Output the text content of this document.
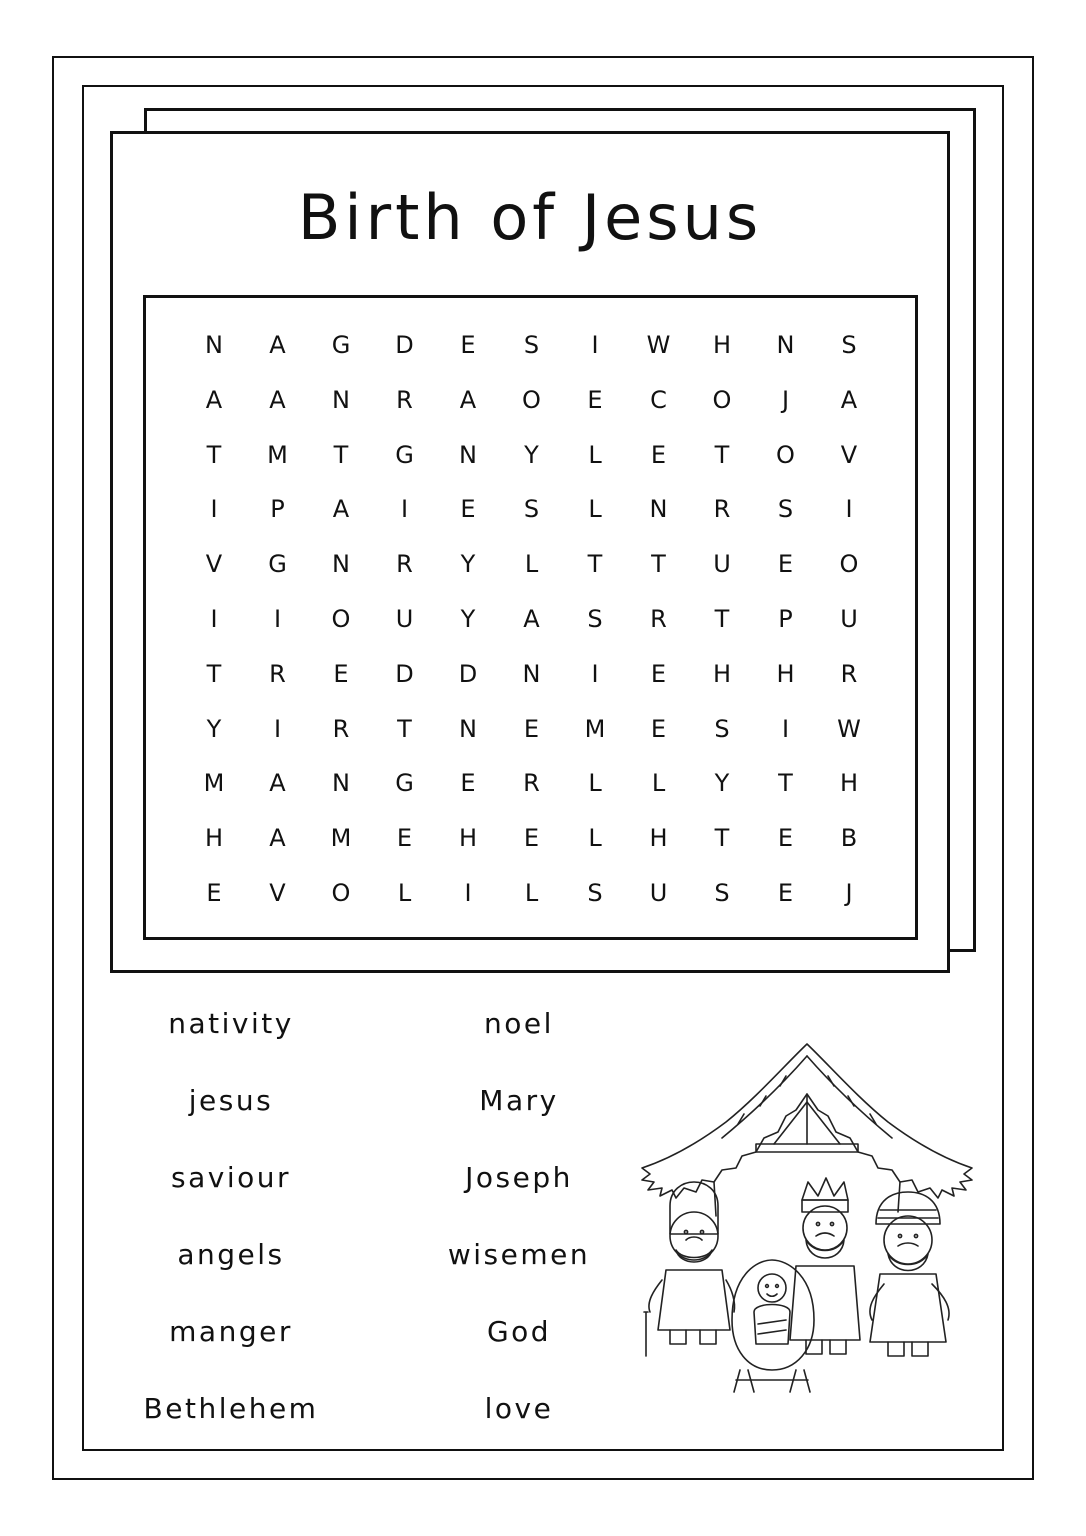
Birth of Jesus
N	A	G	D	E	S	I	W	H	N	S
A	A	N	R	A	O	E	C	O	J	A
T	M	T	G	N	Y	L	E	T	O	V
I	P	A	I	E	S	L	N	R	S	I
V	G	N	R	Y	L	T	T	U	E	O
I	I	O	U	Y	A	S	R	T	P	U
T	R	E	D	D	N	I	E	H	H	R
Y	I	R	T	N	E	M	E	S	I	W
M	A	N	G	E	R	L	L	Y	T	H
H	A	M	E	H	E	L	H	T	E	B
E	V	O	L	I	L	S	U	S	E	J
nativity
jesus
saviour
angels
manger
Bethlehem
noel
Mary
Joseph
wisemen
God
love
